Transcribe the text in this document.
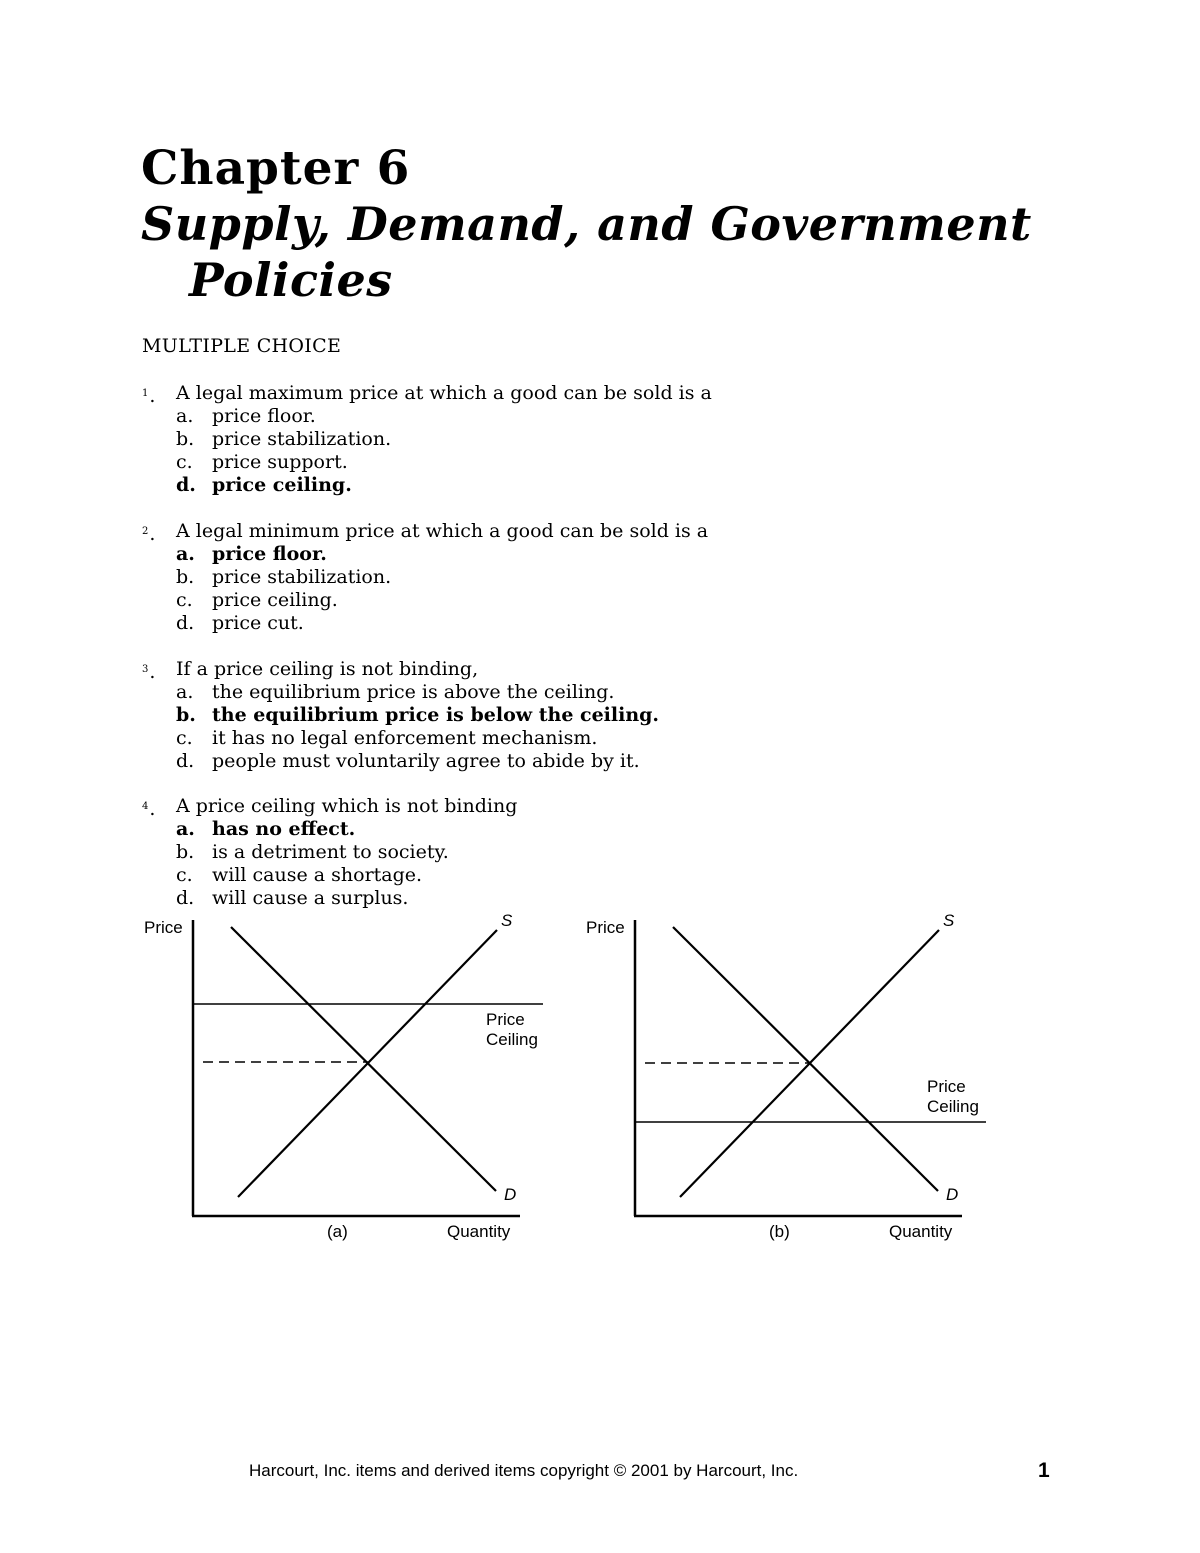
Chapter 6
Supply, Demand, and Government
Policies
MULTIPLE CHOICE
$^1$. A legal maximum price at which a good can be sold is a
a. price floor.
b. price stabilization.
c. price support.
d. price ceiling.
$^2$. A legal minimum price at which a good can be sold is a
a. price floor.
b. price stabilization.
c. price ceiling.
d. price cut.
$^3$. If a price ceiling is not binding,
a. the equilibrium price is above the ceiling.
b. the equilibrium price is below the ceiling.
c. it has no legal enforcement mechanism.
d. people must voluntarily agree to abide by it.
$^4$. A price ceiling which is not binding
a. has no effect.
b. is a detriment to society.
c. will cause a shortage.
d. will cause a surplus.
Price	S
D
Price
Ceiling
(a)	Quantity
Price	S
D
Price
Ceiling
(b)	Quantity
Harcourt, Inc. items and derived items copyright © 2001 by Harcourt, Inc.	1
